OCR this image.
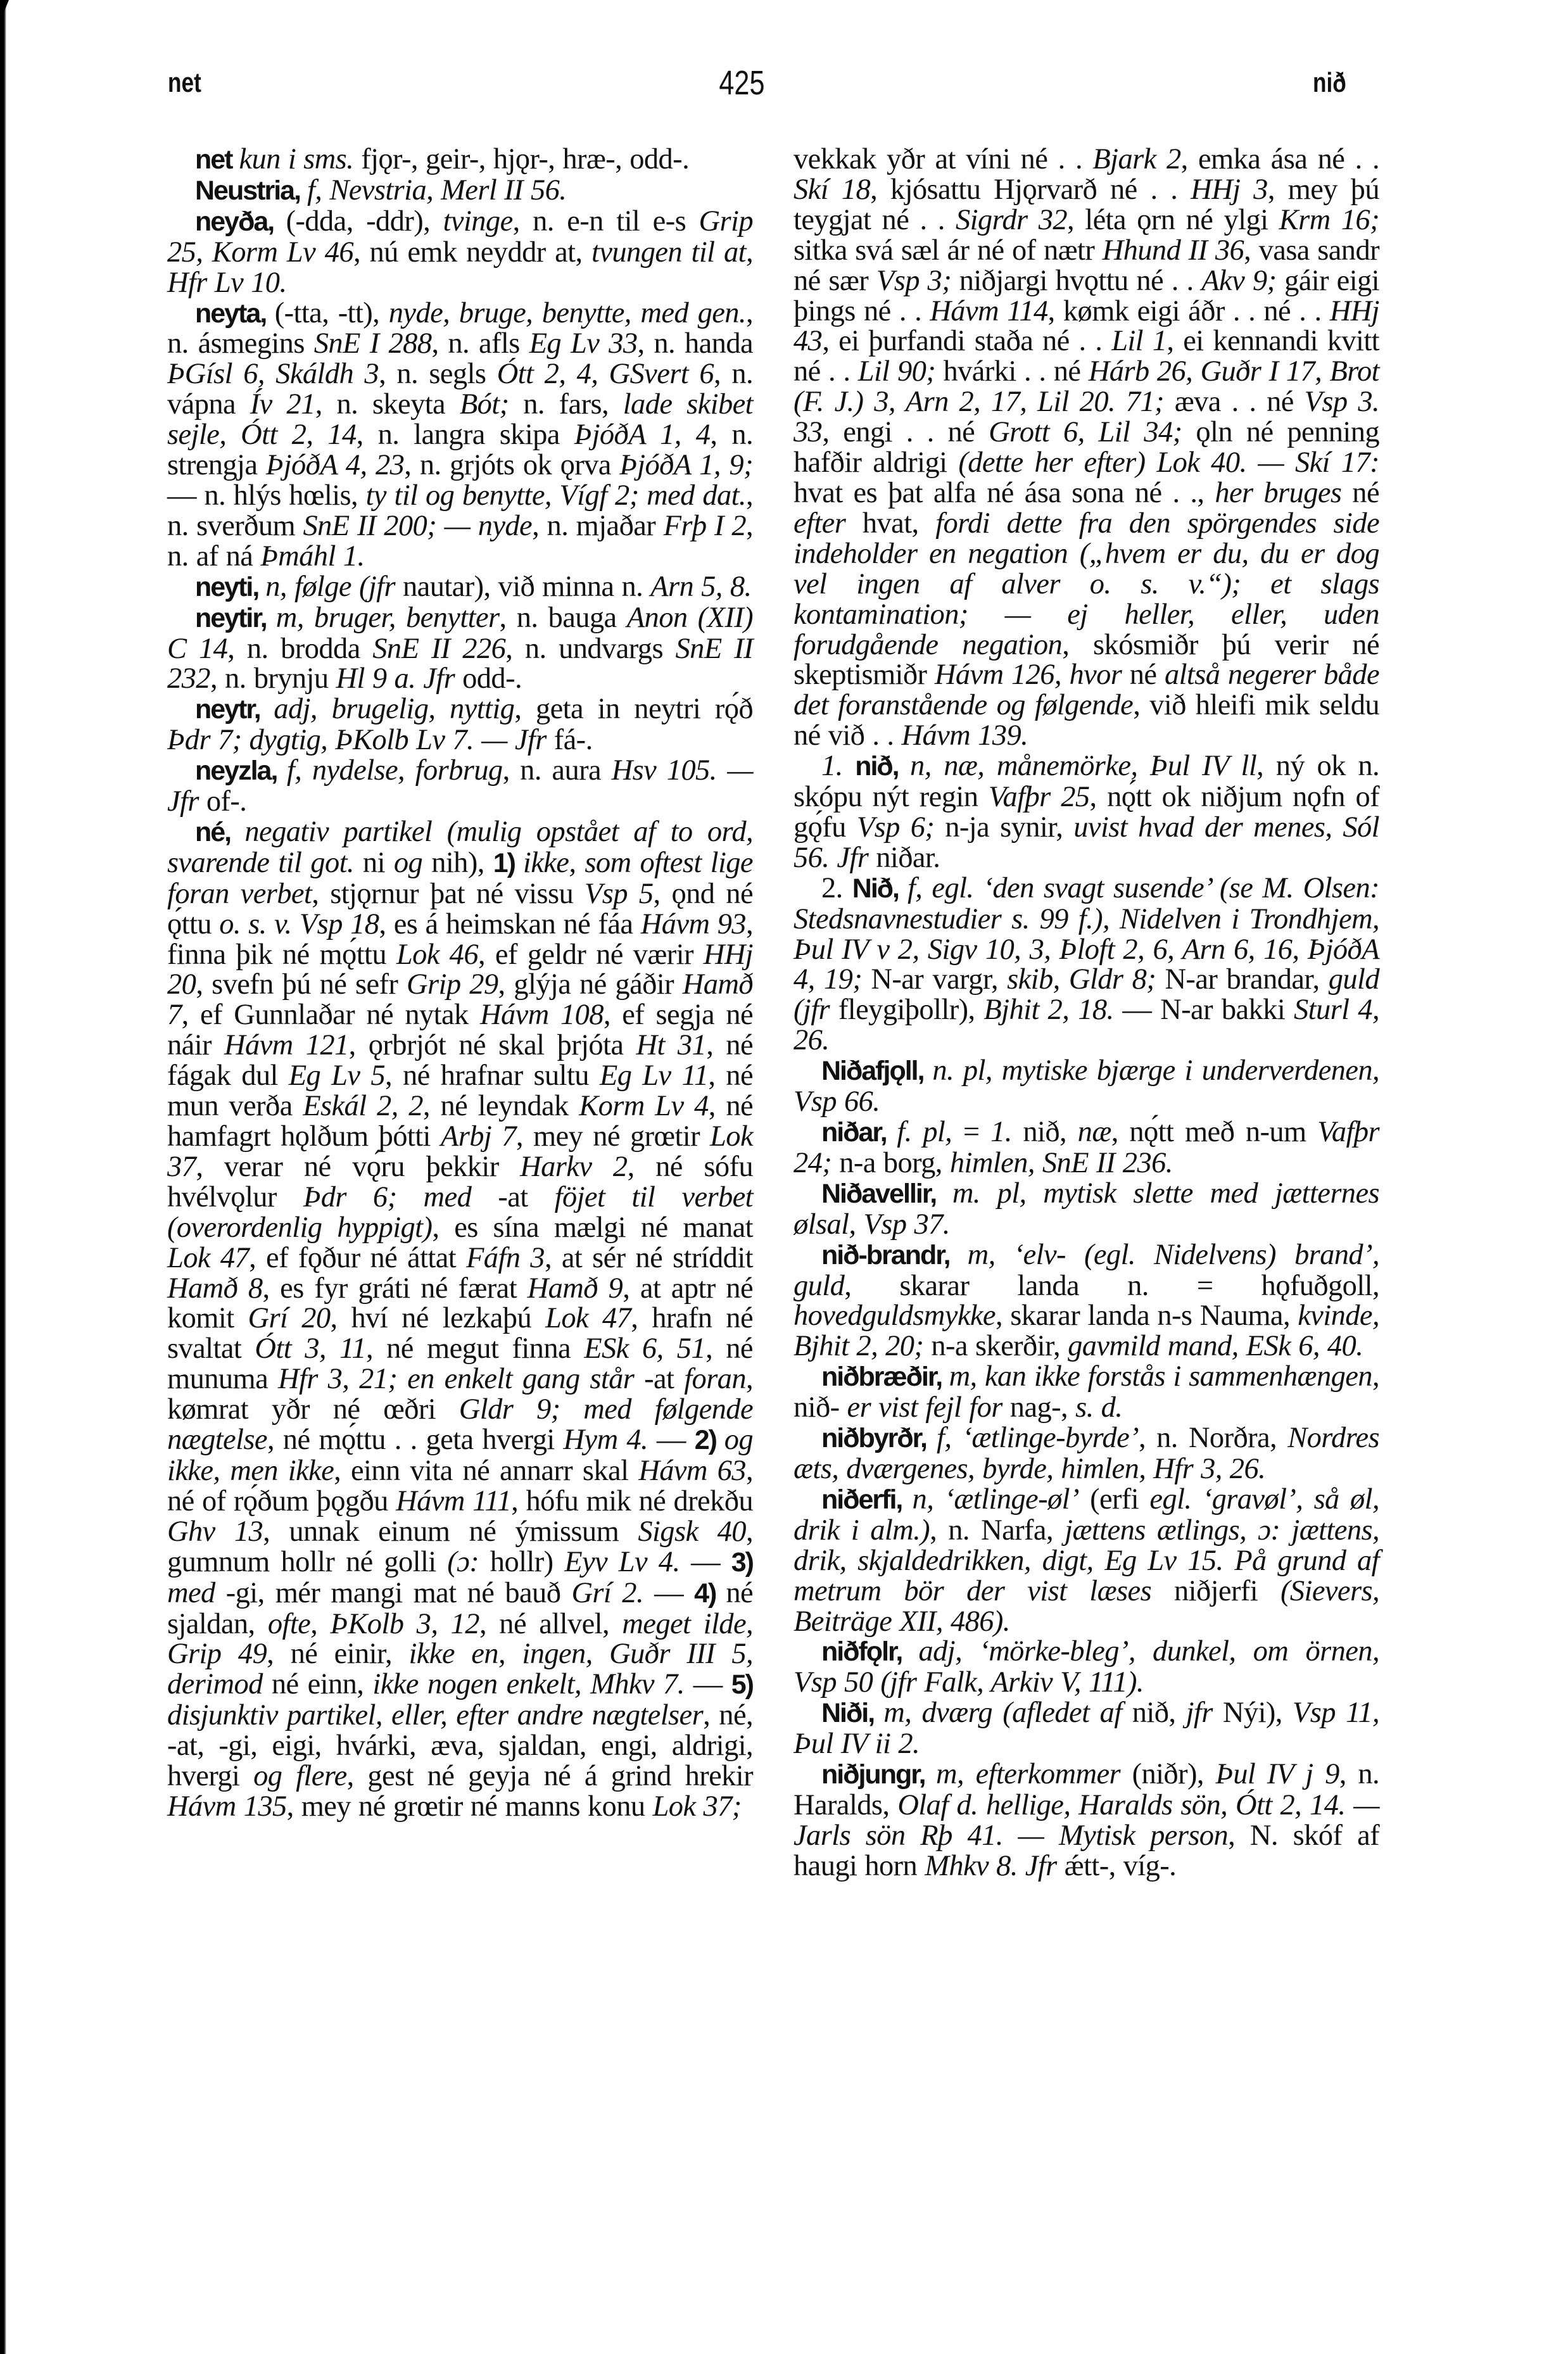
net	425	nið

net kun i sms. fjǫr-, geir-, hjǫr-, hræ-, odd-.

Neustria, f, Nevstria, Merl II 56.

neyða, (-dda, -ddr), tvinge, n. e-n til e-s Grip 25, Korm Lv 46, nú emk neyddr at, tvungen til at, Hfr Lv 10.

neyta, (-tta, -tt), nyde, bruge, benytte, med gen., n. ásmegins SnE I 288, n. afls Eg Lv 33, n. handa ÞGísl 6, Skáldh 3, n. segls Ótt 2, 4, GSvert 6, n. vápna Ív 21, n. skeyta Bót; n. fars, lade skibet sejle, Ótt 2, 14, n. langra skipa ÞjóðA 1, 4, n. strengja ÞjóðA 4, 23, n. grjóts ok ǫrva ÞjóðA 1, 9; — n. hlýs hœlis, ty til og benytte, Vígf 2; med dat., n. sverðum SnE II 200; — nyde, n. mjaðar Frþ I 2, n. af ná Þmáhl 1.

neyti, n, følge (jfr nautar), við minna n. Arn 5, 8.

neytir, m, bruger, benytter, n. bauga Anon (XII) C 14, n. brodda SnE II 226, n. undvargs SnE II 232, n. brynju Hl 9 a. Jfr odd-.

neytr, adj, brugelig, nyttig, geta in neytri rǫ́ð Þdr 7; dygtig, ÞKolb Lv 7. — Jfr fá-.

neyzla, f, nydelse, forbrug, n. aura Hsv 105. — Jfr of-.

né, negativ partikel (mulig opstået af to ord, svarende til got. ni og nih), 1) ikke, som oftest lige foran verbet, stjǫrnur þat né vissu Vsp 5, ǫnd né ǫ́ttu o. s. v. Vsp 18, es á heimskan né fáa Hávm 93, finna þik né mǫ́ttu Lok 46, ef geldr né værir HHj 20, svefn þú né sefr Grip 29, glýja né gáðir Hamð 7, ef Gunnlaðar né nytak Hávm 108, ef segja né náir Hávm 121, ǫrbrjót né skal þrjóta Ht 31, né fágak dul Eg Lv 5, né hrafnar sultu Eg Lv 11, né mun verða Eskál 2, 2, né leyndak Korm Lv 4, né hamfagrt hǫlðum þótti Arbj 7, mey né grœtir Lok 37, verar né vǫ́ru þekkir Harkv 2, né sófu hvélvǫlur Þdr 6; med -at föjet til verbet (overordenlig hyppigt), es sína mælgi né manat Lok 47, ef fǫður né áttat Fáfn 3, at sér né stríddit Hamð 8, es fyr gráti né færat Hamð 9, at aptr né komit Grí 20, hví né lezkaþú Lok 47, hrafn né svaltat Ótt 3, 11, né megut finna ESk 6, 51, né munuma Hfr 3, 21; en enkelt gang står -at foran, kømrat yðr né œðri Gldr 9; med følgende nægtelse, né mǫ́ttu . . geta hvergi Hym 4. — 2) og ikke, men ikke, einn vita né annarr skal Hávm 63, né of rǫ́ðum þǫgðu Hávm 111, hófu mik né drekðu Ghv 13, unnak einum né ýmissum Sigsk 40, gumnum hollr né golli (ɔ: hollr) Eyv Lv 4. — 3) med -gi, mér mangi mat né bauð Grí 2. — 4) né sjaldan, ofte, ÞKolb 3, 12, né allvel, meget ilde, Grip 49, né einir, ikke en, ingen, Guðr III 5, derimod né einn, ikke nogen enkelt, Mhkv 7. — 5) disjunktiv partikel, eller, efter andre nægtelser, né, -at, -gi, eigi, hvárki, æva, sjaldan, engi, aldrigi, hvergi og flere, gest né geyja né á grind hrekir Hávm 135, mey né grœtir né manns konu Lok 37;

vekkak yðr at víni né . . Bjark 2, emka ása né . . Skí 18, kjósattu Hjǫrvarð né . . HHj 3, mey þú teygjat né . . Sigrdr 32, léta ǫrn né ylgi Krm 16; sitka svá sæl ár né of nætr Hhund II 36, vasa sandr né sær Vsp 3; niðjargi hvǫttu né . . Akv 9; gáir eigi þings né . . Hávm 114, kømk eigi áðr . . né . . HHj 43, ei þurfandi staða né . . Lil 1, ei kennandi kvitt né . . Lil 90; hvárki . . né Hárb 26, Guðr I 17, Brot (F. J.) 3, Arn 2, 17, Lil 20. 71; æva . . né Vsp 3. 33, engi . . né Grott 6, Lil 34; ǫln né penning hafðir aldrigi (dette her efter) Lok 40. — Skí 17: hvat es þat alfa né ása sona né . ., her bruges né efter hvat, fordi dette fra den spörgendes side indeholder en negation („hvem er du, du er dog vel ingen af alver o. s. v.“); et slags kontamination; — ej heller, eller, uden forudgående negation, skósmiðr þú verir né skeptismiðr Hávm 126, hvor né altså negerer både det foranstående og følgende, við hleifi mik seldu né við . . Hávm 139.

1. nið, n, næ, månemörke, Þul IV ll, ný ok n. skópu nýt regin Vafþr 25, nǫ́tt ok niðjum nǫfn of gǫ́fu Vsp 6; n-ja synir, uvist hvad der menes, Sól 56. Jfr niðar.

2. Nið, f, egl. ‘den svagt susende’ (se M. Olsen: Stedsnavnestudier s. 99 f.), Nidelven i Trondhjem, Þul IV v 2, Sigv 10, 3, Þloft 2, 6, Arn 6, 16, ÞjóðA 4, 19; N-ar vargr, skib, Gldr 8; N-ar brandar, guld (jfr fleygiþollr), Bjhit 2, 18. — N-ar bakki Sturl 4, 26.

Niðafjǫll, n. pl, mytiske bjærge i underverdenen, Vsp 66.

niðar, f. pl, = 1. nið, næ, nǫ́tt með n-um Vafþr 24; n-a borg, himlen, SnE II 236.

Niðavellir, m. pl, mytisk slette med jætternes ølsal, Vsp 37.

nið-brandr, m, ‘elv- (egl. Nidelvens) brand’, guld, skarar landa n. = hǫfuðgoll, hovedguldsmykke, skarar landa n-s Nauma, kvinde, Bjhit 2, 20; n-a skerðir, gavmild mand, ESk 6, 40.

niðbræðir, m, kan ikke forstås i sammenhængen, nið- er vist fejl for nag-, s. d.

niðbyrðr, f, ‘ætlinge-byrde’, n. Norðra, Nordres æts, dværgenes, byrde, himlen, Hfr 3, 26.

niðerfi, n, ‘ætlinge-øl’ (erfi egl. ‘gravøl’, så øl, drik i alm.), n. Narfa, jættens ætlings, ɔ: jættens, drik, skjaldedrikken, digt, Eg Lv 15. På grund af metrum bör der vist læses niðjerfi (Sievers, Beiträge XII, 486).

niðfǫlr, adj, ‘mörke-bleg’, dunkel, om örnen, Vsp 50 (jfr Falk, Arkiv V, 111).

Niði, m, dværg (afledet af nið, jfr Nýi), Vsp 11, Þul IV ii 2.

niðjungr, m, efterkommer (niðr), Þul IV j 9, n. Haralds, Olaf d. hellige, Haralds sön, Ótt 2, 14. — Jarls sön Rþ 41. — Mytisk person, N. skóf af haugi horn Mhkv 8. Jfr ǽtt-, víg-.
